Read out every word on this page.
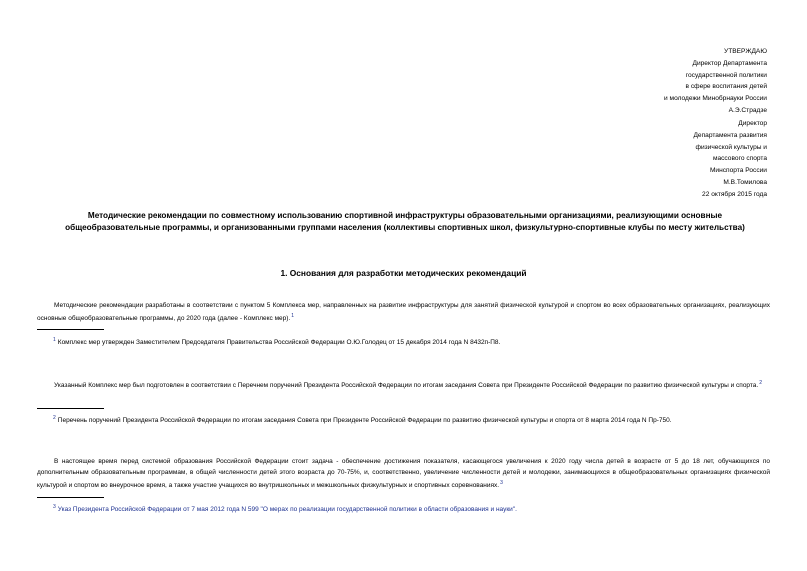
УТВЕРЖДАЮ
Директор Департамента
государственной политики
в сфере воспитания детей
и молодежи Минобрнауки России
А.Э.Страдзе
Директор
Департамента развития
физической культуры и
массового спорта
Минспорта России
М.В.Томилова
22 октября 2015 года
Методические рекомендации по совместному использованию спортивной инфраструктуры образовательными организациями, реализующими основные общеобразовательные программы, и организованными группами населения (коллективы спортивных школ, физкультурно-спортивные клубы по месту жительства)
1. Основания для разработки методических рекомендаций
Методические рекомендации разработаны в соответствии с пунктом 5 Комплекса мер, направленных на развитие инфраструктуры для занятий физической культурой и спортом во всех образовательных организациях, реализующих основные общеобразовательные программы, до 2020 года (далее - Комплекс мер).$^1$
$^1$ Комплекс мер утвержден Заместителем Председателя Правительства Российской Федерации О.Ю.Голодец от 15 декабря 2014 года N 8432п-П8.
Указанный Комплекс мер был подготовлен в соответствии с Перечнем поручений Президента Российской Федерации по итогам заседания Совета при Президенте Российской Федерации по развитию физической культуры и спорта.$^2$
$^2$ Перечень поручений Президента Российской Федерации по итогам заседания Совета при Президенте Российской Федерации по развитию физической культуры и спорта от 8 марта 2014 года N Пр-750.
В настоящее время перед системой образования Российской Федерации стоит задача - обеспечение достижения показателя, касающегося увеличения к 2020 году числа детей в возрасте от 5 до 18 лет, обучающихся по дополнительным образовательным программам, в общей численности детей этого возраста до 70-75%, и, соответственно, увеличение численности детей и молодежи, занимающихся в общеобразовательных организациях физической культурой и спортом во внеурочное время, а также участие учащихся во внутришкольных и межшкольных физкультурных и спортивных соревнованиях.$^3$
$^3$ Указ Президента Российской Федерации от 7 мая 2012 года N 599 "О мерах по реализации государственной политики в области образования и науки".
